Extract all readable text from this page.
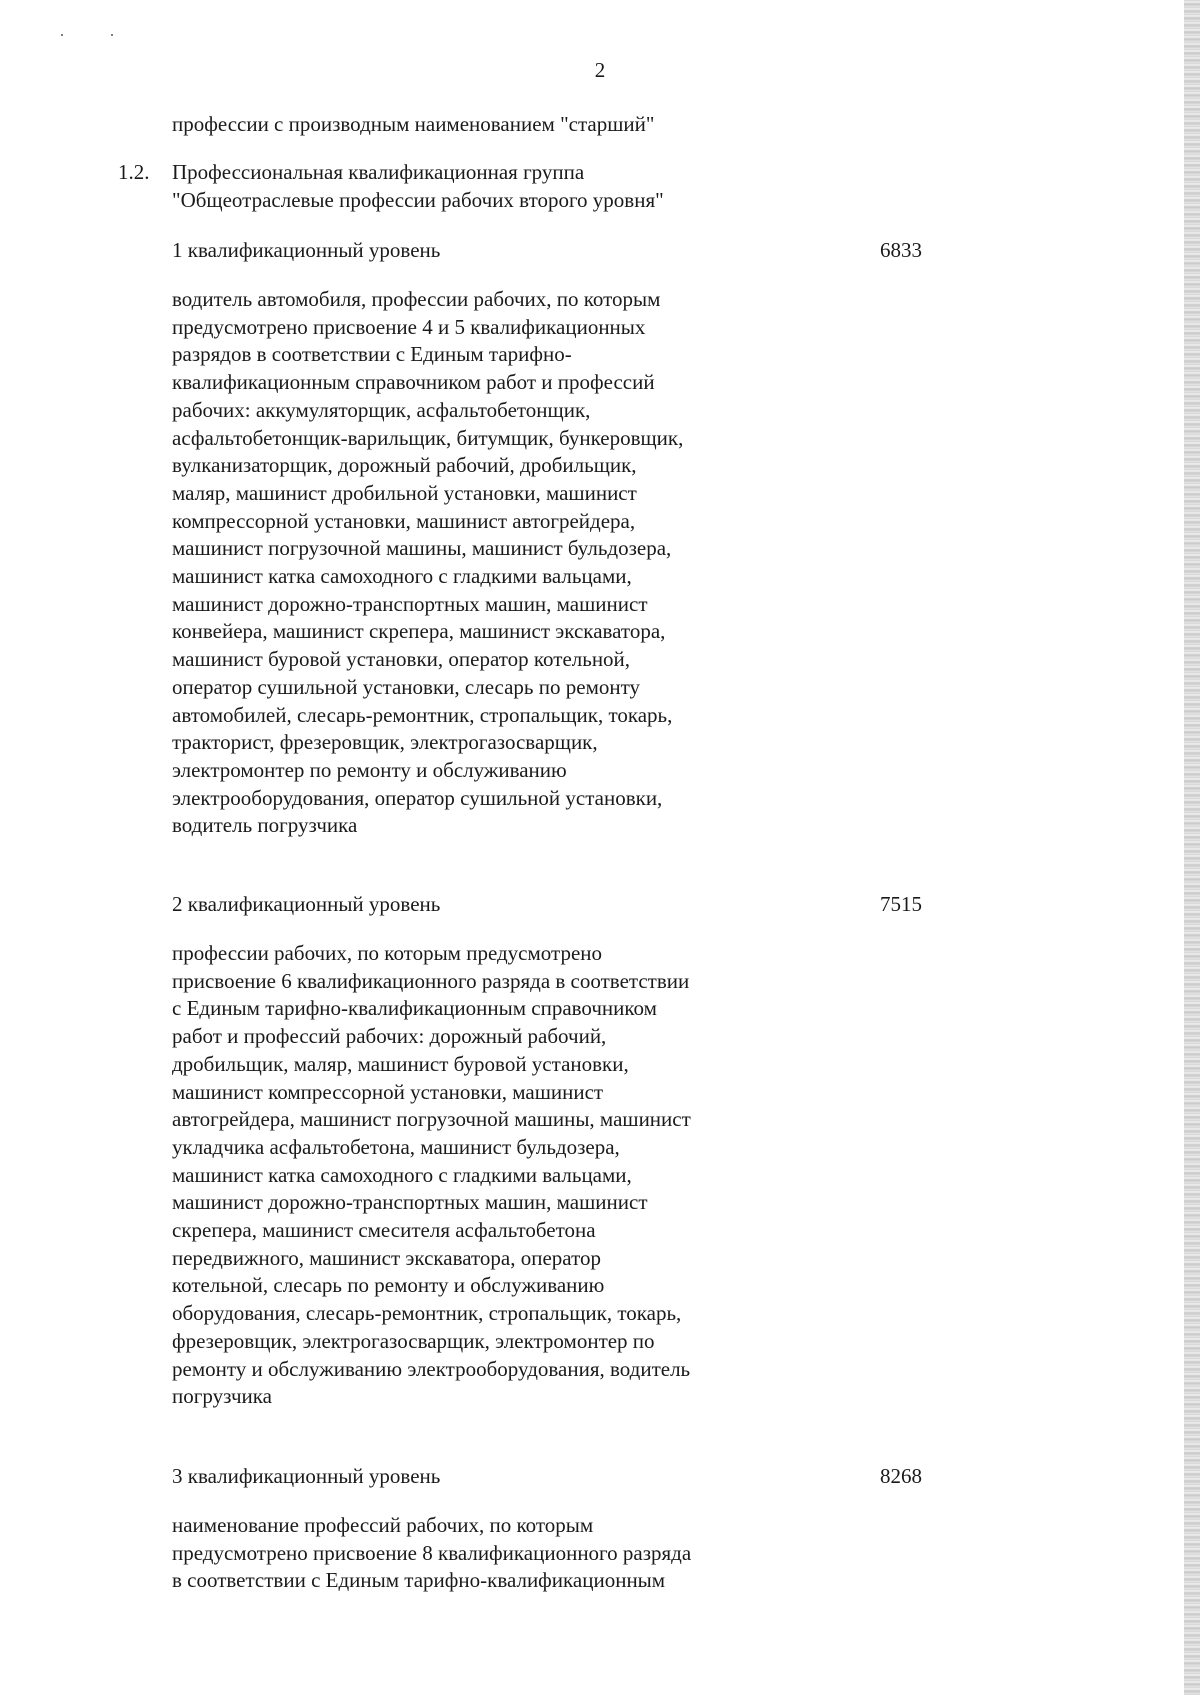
2
профессии с производным наименованием "старший"
1.2. Профессиональная квалификационная группа
"Общеотраслевые профессии рабочих второго уровня"
1 квалификационный уровень	6833
водитель автомобиля, профессии рабочих, по которым
предусмотрено присвоение 4 и 5 квалификационных
разрядов в соответствии с Единым тарифно-
квалификационным справочником работ и профессий
рабочих: аккумуляторщик, асфальтобетонщик,
асфальтобетонщик-варильщик, битумщик, бункеровщик,
вулканизаторщик, дорожный рабочий, дробильщик,
маляр, машинист дробильной установки, машинист
компрессорной установки, машинист автогрейдера,
машинист погрузочной машины, машинист бульдозера,
машинист катка самоходного с гладкими вальцами,
машинист дорожно-транспортных машин, машинист
конвейера, машинист скрепера, машинист экскаватора,
машинист буровой установки, оператор котельной,
оператор сушильной установки, слесарь по ремонту
автомобилей, слесарь-ремонтник, стропальщик, токарь,
тракторист, фрезеровщик, электрогазосварщик,
электромонтер по ремонту и обслуживанию
электрооборудования, оператор сушильной установки,
водитель погрузчика
2 квалификационный уровень	7515
профессии рабочих, по которым предусмотрено
присвоение 6 квалификационного разряда в соответствии
с Единым тарифно-квалификационным справочником
работ и профессий рабочих: дорожный рабочий,
дробильщик, маляр, машинист буровой установки,
машинист компрессорной установки, машинист
автогрейдера, машинист погрузочной машины, машинист
укладчика асфальтобетона, машинист бульдозера,
машинист катка самоходного с гладкими вальцами,
машинист дорожно-транспортных машин, машинист
скрепера, машинист смесителя асфальтобетона
передвижного, машинист экскаватора, оператор
котельной, слесарь по ремонту и обслуживанию
оборудования, слесарь-ремонтник, стропальщик, токарь,
фрезеровщик, электрогазосварщик, электромонтер по
ремонту и обслуживанию электрооборудования, водитель
погрузчика
3 квалификационный уровень	8268
наименование профессий рабочих, по которым
предусмотрено присвоение 8 квалификационного разряда
в соответствии с Единым тарифно-квалификационным
